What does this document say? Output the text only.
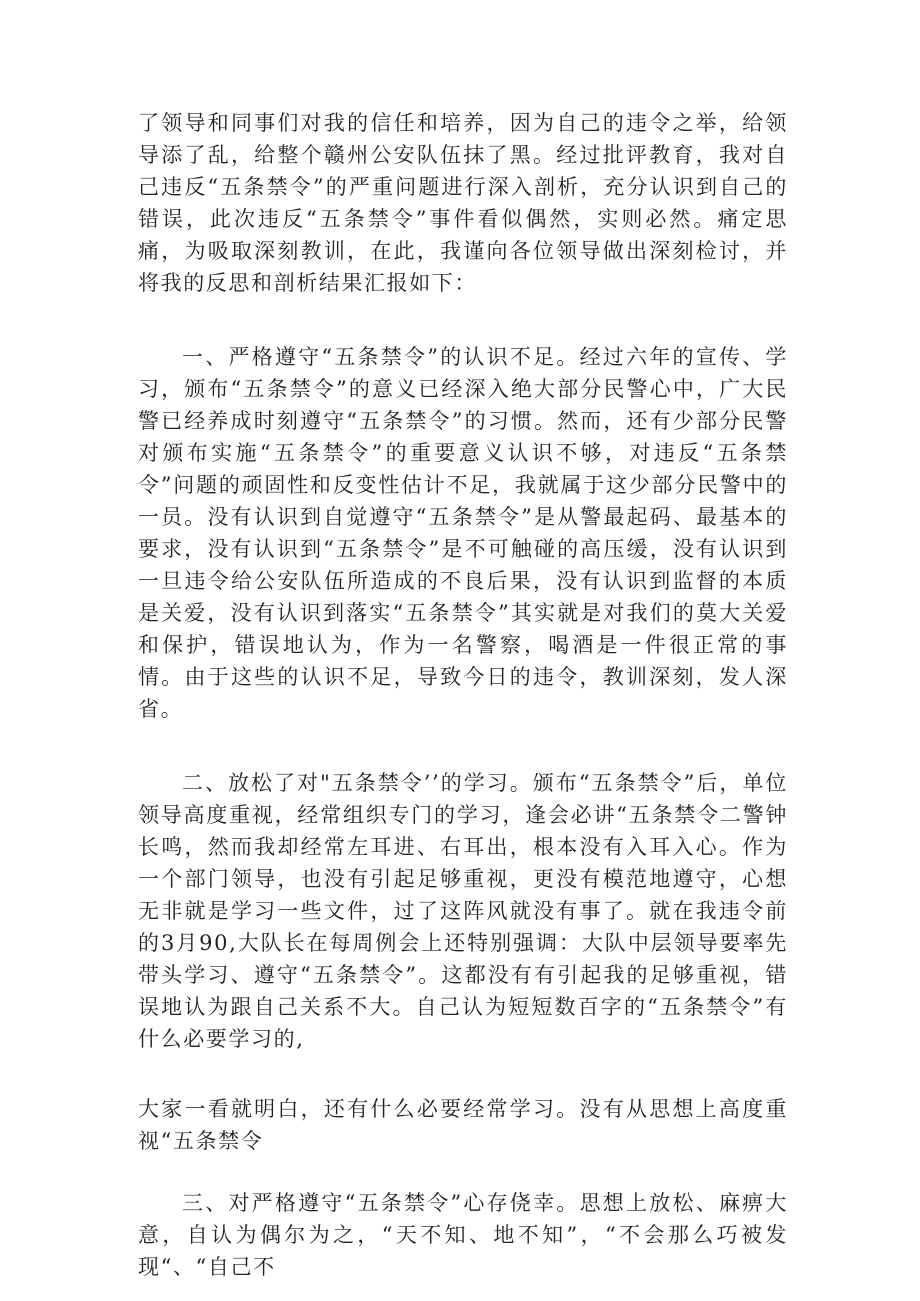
了领导和同事们对我的信任和培养，因为自己的违令之举，给领导添了乱，给整个赣州公安队伍抹了黑。经过批评教育，我对自己违反“五条禁令”的严重问题进行深入剖析，充分认识到自己的错误，此次违反“五条禁令”事件看似偶然，实则必然。痛定思痛，为吸取深刻教训，在此，我谨向各位领导做出深刻检讨，并将我的反思和剖析结果汇报如下：

一、严格遵守“五条禁令”的认识不足。经过六年的宣传、学习，颁布“五条禁令”的意义已经深入绝大部分民警心中，广大民警已经养成时刻遵守“五条禁令”的习惯。然而，还有少部分民警对颁布实施“五条禁令”的重要意义认识不够，对违反“五条禁令”问题的顽固性和反变性估计不足，我就属于这少部分民警中的一员。没有认识到自觉遵守“五条禁令”是从警最起码、最基本的要求，没有认识到“五条禁令”是不可触碰的高压缓，没有认识到一旦违令给公安队伍所造成的不良后果，没有认识到监督的本质是关爱，没有认识到落实“五条禁令”其实就是对我们的莫大关爱和保护，错误地认为，作为一名警察，喝酒是一件很正常的事情。由于这些的认识不足，导致今日的违令，教训深刻，发人深省。

二、放松了对"五条禁令’’的学习。颁布“五条禁令”后，单位领导高度重视，经常组织专门的学习，逢会必讲“五条禁令二警钟长鸣，然而我却经常左耳进、右耳出，根本没有入耳入心。作为一个部门领导，也没有引起足够重视，更没有模范地遵守，心想无非就是学习一些文件，过了这阵风就没有事了。就在我违令前的3月90,大队长在每周例会上还特别强调：大队中层领导要率先带头学习、遵守“五条禁令”。这都没有有引起我的足够重视，错误地认为跟自己关系不大。自己认为短短数百字的“五条禁令”有什么必要学习的,

大家一看就明白，还有什么必要经常学习。没有从思想上高度重视“五条禁令

三、对严格遵守“五条禁令”心存侥幸。思想上放松、麻痹大意，自认为偶尔为之，“天不知、地不知”，“不会那么巧被发现“、“自己不
